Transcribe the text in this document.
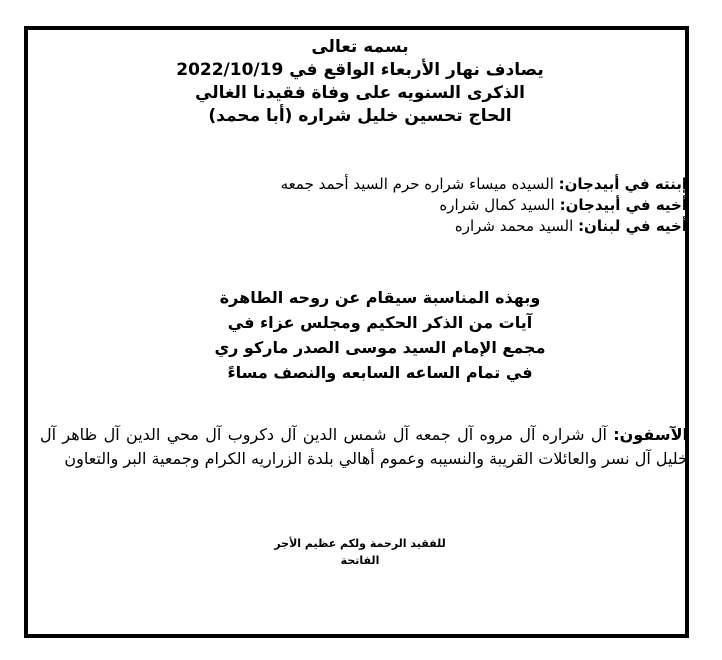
بسمه تعالى
يصادف نهار الأربعاء الواقع في 2022/10/19
الذكرى السنويه على وفاة فقيدنا الغالي
الحاج تحسين خليل شراره (أبا محمد)
إبنته في أبيدجان: السيده ميساء شراره حرم السيد أحمد جمعه
أخيه في أبيدجان: السيد كمال شراره
أخيه في لبنان: السيد محمد شراره
وبهذه المناسبة سيقام عن روحه الطاهرة
آيات من الذكر الحكيم ومجلس عزاء في
مجمع الإمام السيد موسى الصدر ماركو ري
في تمام الساعه السابعه والنصف مساءً
الآسفون: آل شراره آل مروه آل جمعه آل شمس الدين آل دكروب آل محي الدين آل ظاهر آل خليل آل نسر والعائلات القريبة والنسيبه وعموم أهالي بلدة الزراريه الكرام وجمعية البر والتعاون
للفقيد الرحمة ولكم عظيم الأجر
الفاتحة
